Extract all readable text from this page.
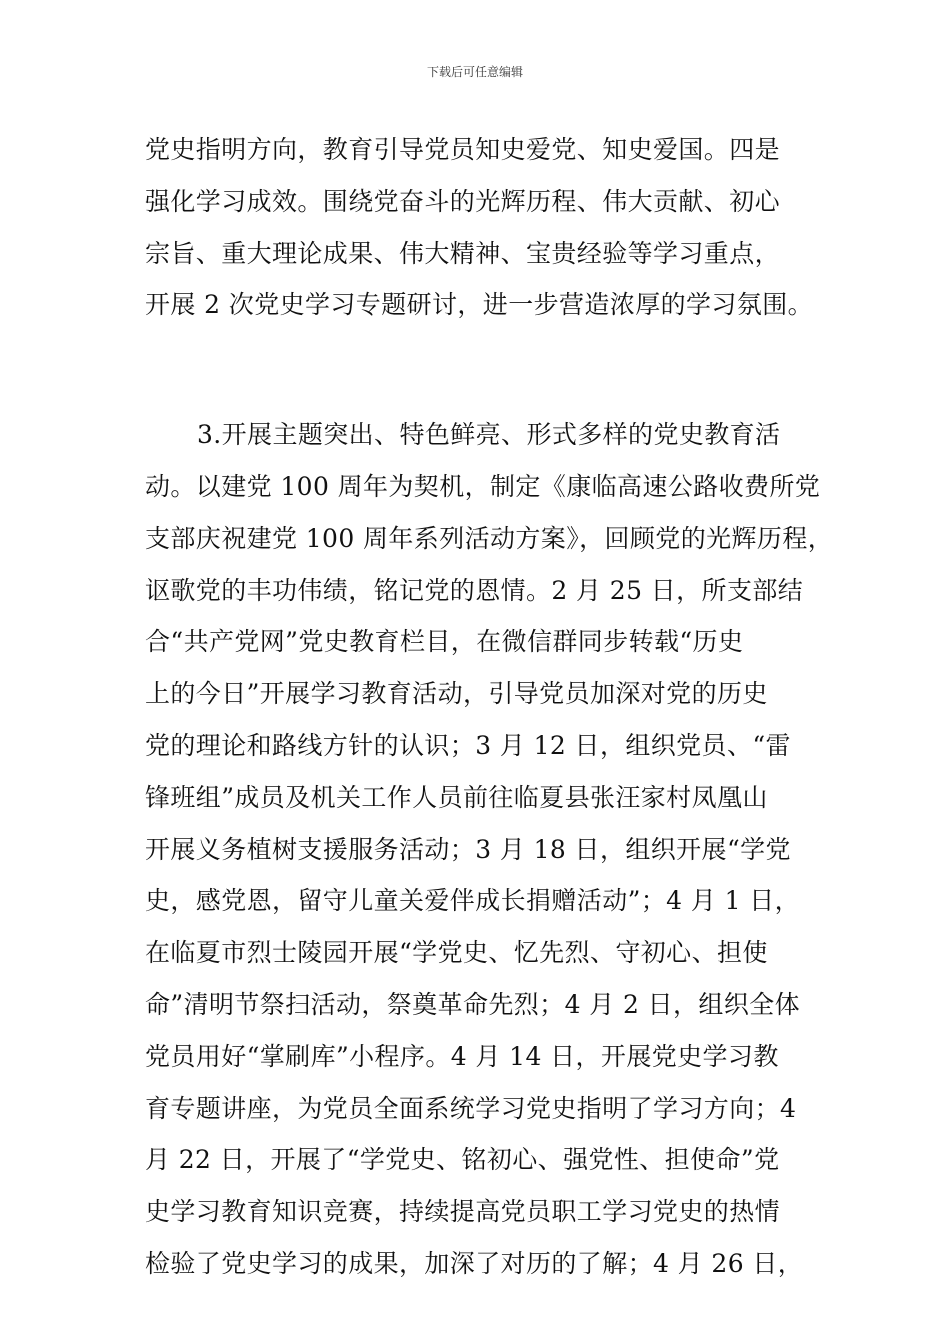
下载后可任意编辑
党史指明方向，教育引导党员知史爱党、知史爱国。四是
强化学习成效。围绕党奋斗的光辉历程、伟大贡献、初心
宗旨、重大理论成果、伟大精神、宝贵经验等学习重点，
开展 2 次党史学习专题研讨，进一步营造浓厚的学习氛围。
3.开展主题突出、特色鲜亮、形式多样的党史教育活
动。以建党 100 周年为契机，制定《康临高速公路收费所党
支部庆祝建党 100 周年系列活动方案》，回顾党的光辉历程，
讴歌党的丰功伟绩，铭记党的恩情。2 月 25 日，所支部结
合“共产党网”党史教育栏目，在微信群同步转载“历史
上的今日”开展学习教育活动，引导党员加深对党的历史
党的理论和路线方针的认识；3 月 12 日，组织党员、“雷
锋班组”成员及机关工作人员前往临夏县张汪家村凤凰山
开展义务植树支援服务活动；3 月 18 日，组织开展“学党
史，感党恩，留守儿童关爱伴成长捐赠活动”；4 月 1 日，
在临夏市烈士陵园开展“学党史、忆先烈、守初心、担使
命”清明节祭扫活动，祭奠革命先烈；4 月 2 日，组织全体
党员用好“掌刷库”小程序。4 月 14 日，开展党史学习教
育专题讲座，为党员全面系统学习党史指明了学习方向；4
月 22 日，开展了“学党史、铭初心、强党性、担使命”党
史学习教育知识竞赛，持续提高党员职工学习党史的热情
检验了党史学习的成果，加深了对历的了解；4 月 26 日，
